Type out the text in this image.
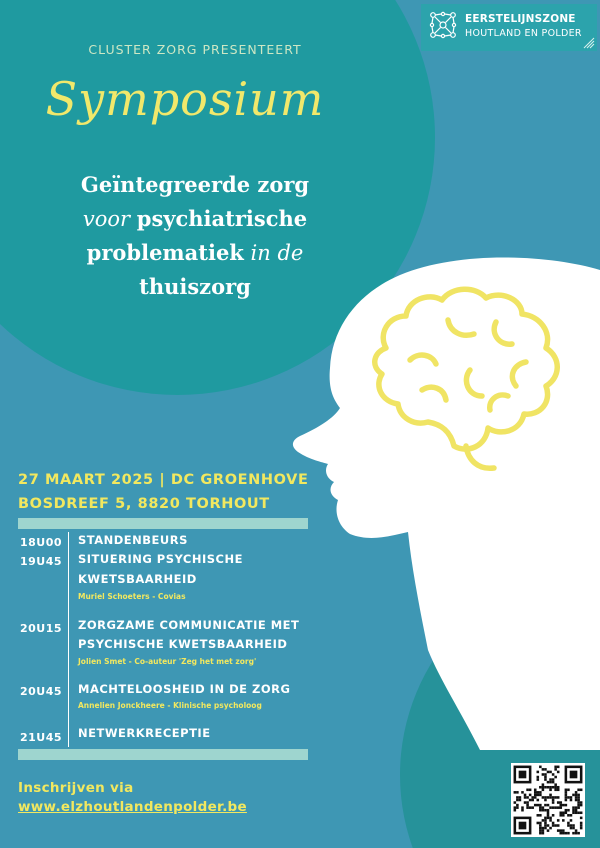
EERSTELIJNSZONE
HOUTLAND EN POLDER
CLUSTER ZORG PRESENTEERT
Symposium
Geïntegreerde zorg
voor psychiatrische
problematiek in de
thuiszorg
27 MAART 2025 | DC GROENHOVE
BOSDREEF 5, 8820 TORHOUT
18U00	STANDENBEURS
19U45	SITUERING PSYCHISCHE
KWETSBAARHEID
Muriel Schoeters - Covias
20U15	ZORGZAME COMMUNICATIE MET
PSYCHISCHE KWETSBAARHEID
Jolien Smet - Co-auteur 'Zeg het met zorg'
20U45	MACHTELOOSHEID IN DE ZORG
Annelien Jonckheere - Klinische psycholoog
21U45	NETWERKRECEPTIE
Inschrijven via
www.elzhoutlandenpolder.be
